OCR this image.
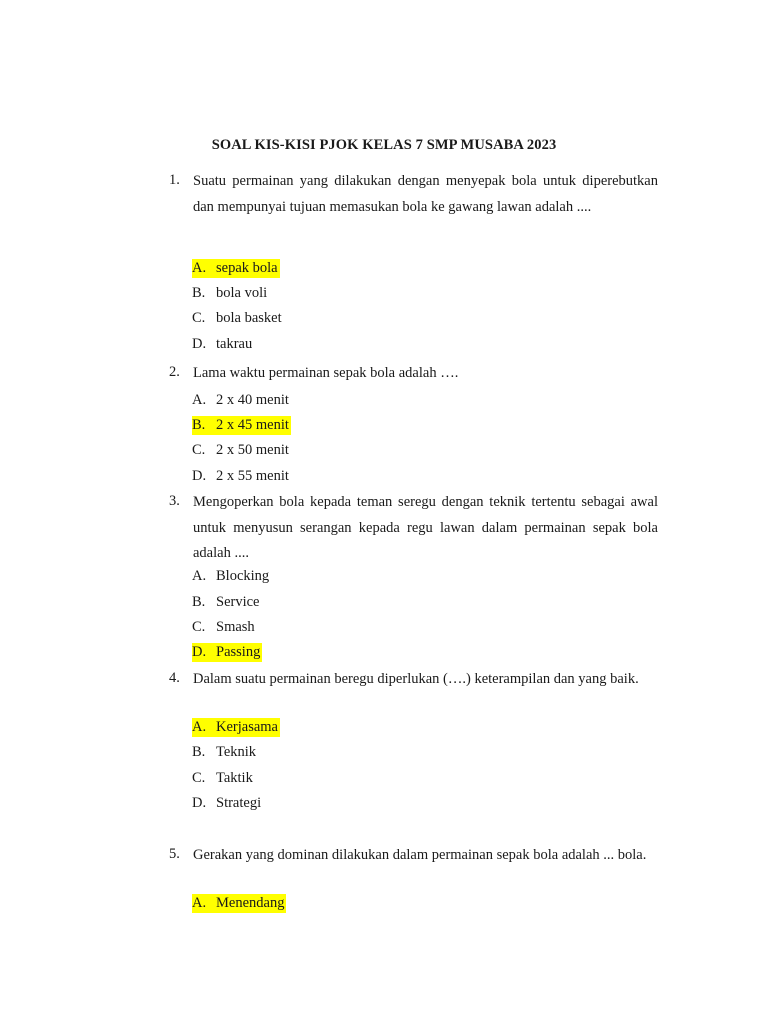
SOAL KIS-KISI PJOK KELAS 7 SMP MUSABA 2023
1. Suatu permainan yang dilakukan dengan menyepak bola untuk diperebutkan dan mempunyai tujuan memasukan bola ke gawang lawan adalah ....
A. sepak bola
B. bola voli
C. bola basket
D. takrau
2. Lama waktu permainan sepak bola adalah ….
A. 2 x 40 menit
B. 2 x 45 menit
C. 2 x 50 menit
D. 2 x 55 menit
3. Mengoperkan bola kepada teman seregu dengan teknik tertentu sebagai awal untuk menyusun serangan kepada regu lawan dalam permainan sepak bola adalah ....
A. Blocking
B. Service
C. Smash
D. Passing
4. Dalam suatu permainan beregu diperlukan (….) keterampilan dan yang baik.
A. Kerjasama
B. Teknik
C. Taktik
D. Strategi
5. Gerakan yang dominan dilakukan dalam permainan sepak bola adalah ... bola.
A. Menendang
